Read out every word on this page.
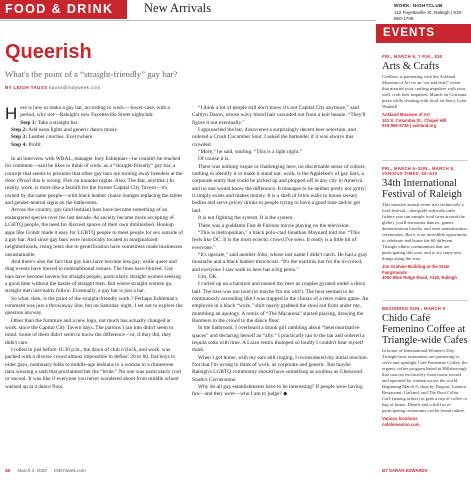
FOOD & DRINK New Arrivals	WORK. NIGHTCLUB
112 Fayetteville St, Raleigh | 919-650-1738
Queerish
What's the point of a “straight-friendly” gay bar?
BY LEIGH TAUSS ltauss@indyweek.com

Here is how to make a gay bar, according to work.—lower-case, with a period, why not—Raleigh's new Fayetteville Street nightclub:

Step 1: Take a straight bar.
Step 2: Add neon lights and generic dance music.
Step 3: Leather couches. Everywhere.
Step 4: Profit.

In an interview with WRAL, manager Joey Eshleman—he couldn't be reached for comment—said he likes to think of work. as a “straight-friendly” gay bar, a concept that seems to presume that other gay bars are turning away breeders at the door. (Proof this is wrong: Flex on karaoke nights. Also, The Bar, anytime.) In reality, work. is more like a facelift for the former Capital City Tavern—it's owned by the same people—with black leather chaise lounges replacing the tables and gender-neutral signs on the bathrooms.

Across the country, gay (and lesbian) bars have become something of an endangered species over the last decade. As society became more accepting of LGBTQ people, the need for discreet spaces of their own diminished. Hookup apps like Grindr made it easy for LGBTQ people to meet people for sex outside of a gay bar. And since gay bars were historically located in marginalized neighborhoods, rising rents due to gentrification have sometimes made businesses unsustainable.

And there's also the fact that gay bars have become less gay, while queer and drag events have moved to nontraditional venues. The lines have blurred. Gay bars have become havens for straight people, particularly straight women seeking a good time without the hassle of straight men. But where straight women go, straight men inevitably follow. Eventually, a gay bar is just a bar.

So what, then, is the point of the straight-friendly work.? Perhaps Eshleman's comment was just a throwaway line, but on Saturday night, I set out to explore the question anyway.

Other than the furniture and a new logo, not much has actually changed at work. since the Capital City Tavern days. The patrons I ran into didn't seem to mind. Some of them didn't seem to know the difference—or, if they did, they didn't care.

I rolled in just before 11:30 p.m., the dawn of club o'clock, and work. was packed with a diverse crowd almost impossible to define: 20 to 60, frat boys to older gays, nonbinary folks to middle-age lesbians to a woman in a rhinestone tiara wearing a sash that proclaimed her the “bride.” No one was particularly cool or uncool. It was like if everyone you never wondered about from middle school washed up at a dance floor.

“I think a lot of people still don't know it's not Capital City anymore,” said Caitlyn Daron, whose wavy blond hair cascaded out from a knit beanie. “They'll figure it out eventually.”

I approached the bar, discovered a surprisingly decent beer selection, and ordered a Crush Cucumber Sour. I asked the bartender if it was always this crowded.

“More,” he said, smiling. “This is a light night.”

Of course it is.

There was nothing risque or challenging here, no discernable sense of culture, nothing to identify it or make it stand out. work. is the Applebee's of gay bars, a corporate entity that could be picked up and plopped off in any city in America and no one would know the difference. It manages to be neither pretty nor gritty; it simply exists and makes money. It is a shell of brick walls to house sweaty bodies and serve pricey drinks to people trying to have a good time and/or get laid.

It is not fighting the system. It is the system.

There was a goddamn Fast & Furious movie playing on the television.

“This is metropolitan,” a black polo-clad Jonathan Maynard told me. “This feels like DC. It is the most eclectic crowd I've seen. It really is a little bit of everyone.”

“It's upscale,” said another John, whose last name I didn't catch. He had a gray mustache and a black leather trenchcoat. “It's the martinis bar for the in-crowd, and everyone I saw walk in here has a big penis.”

Um, OK.

I curled up on a barstool and nursed my beer as couples gyrated under a disco ball. The bass was too loud (or maybe I'm too old?). The beat seemed to be continuously ascending like I was trapped in the climax of a retro video game. An employee in a black “work.” shirt nearly grabbed the stool out from under me, mumbling an apology. A remix of “The Macarena” started playing, drawing the Boomers in the crowd to the dance floor.

In the bathroom, I overheard a drunk girl rambling about “heteronormative spaces” and declaring herself an “ally.” I practically ran to the bar and ordered a tequila soda with lime. A Lizzo remix thumped so loudly I couldn't hear myself think.

When I got home, with my ears still ringing, I reconsidered my initial reaction. Not that I'm wrong to think of work. as corporate and generic. But maybe Raleigh's LGBTQ community should have something as soulless as Glenwood South's Cornerstone.

Why do all gay establishments have to be interesting? If people were having fun—and they were—who I am to judge? ◆

36 March 4, 2020 INDYweek.com
EVENTS
FRI., MARCH 6, 7 P.M., $30
Arts & Crafts
Craftbox is partnering with the Ackland Museum of Art on an “art and draft” event that marries your crafting impulses with your, well, craft beer impulses. Munch on Coronata pizza while chatting with local art Stacy Lynn Waddell.
Ackland Museum of Art
101 S. Columbia St., Chapel Hill
919-966-5736 | ackland.org
FRI., MARCH 6–SUN., MARCH 8, VARIOUS TIMES, $6–$10
34th International Festival of Raleigh
This massive annual event isn't technically a food festival—alongside sidewalk cafés (where you can sample food from around the globe), you'll encounter dances, games, demonstration booths, and even naturalization ceremonies. But it is an incredible opportunity to celebrate and honor the 60 different Triangle ethnic communities that are participating this year, and to try some new things along the way.
Jim Graham Building at the State Fairgrounds
4000 Blue Ridge Road, #140, Raleigh
BEGINNING SUN., MARCH 8
Chido Café Femenino Coffee at Triangle-wide Cafes
In honor of International Women's Day, Triangle-area restaurants are partnering to serve and spotlight Café Femenino Coffee, the organic coffee program based in Hillsborough that sources exclusively from farms owned and operated by women across the world. Beginning March 8, shop by Dugout, Lantern Restaurant, Garland, and The Root Cellar Café (among others) to grab a cup of coffee or bag of beans. Details and a full list of participating restaurants can be found online.
Various locations
cafefemenino.com
BY SARAH EDWARDS
